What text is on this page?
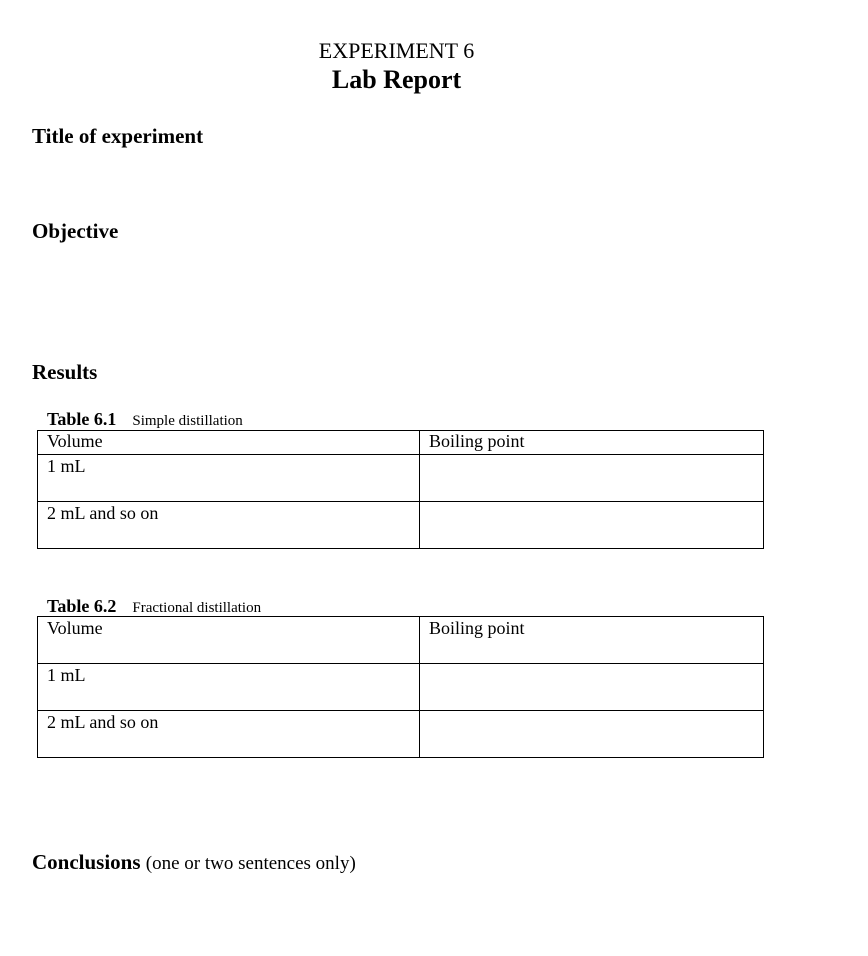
EXPERIMENT 6
Lab Report
Title of experiment
Objective
Results
Table 6.1 Simple distillation
Volume	Boiling point
1 mL	
2 mL and so on	
Table 6.2 Fractional distillation
Volume	Boiling point
1 mL	
2 mL and so on	
Conclusions (one or two sentences only)
